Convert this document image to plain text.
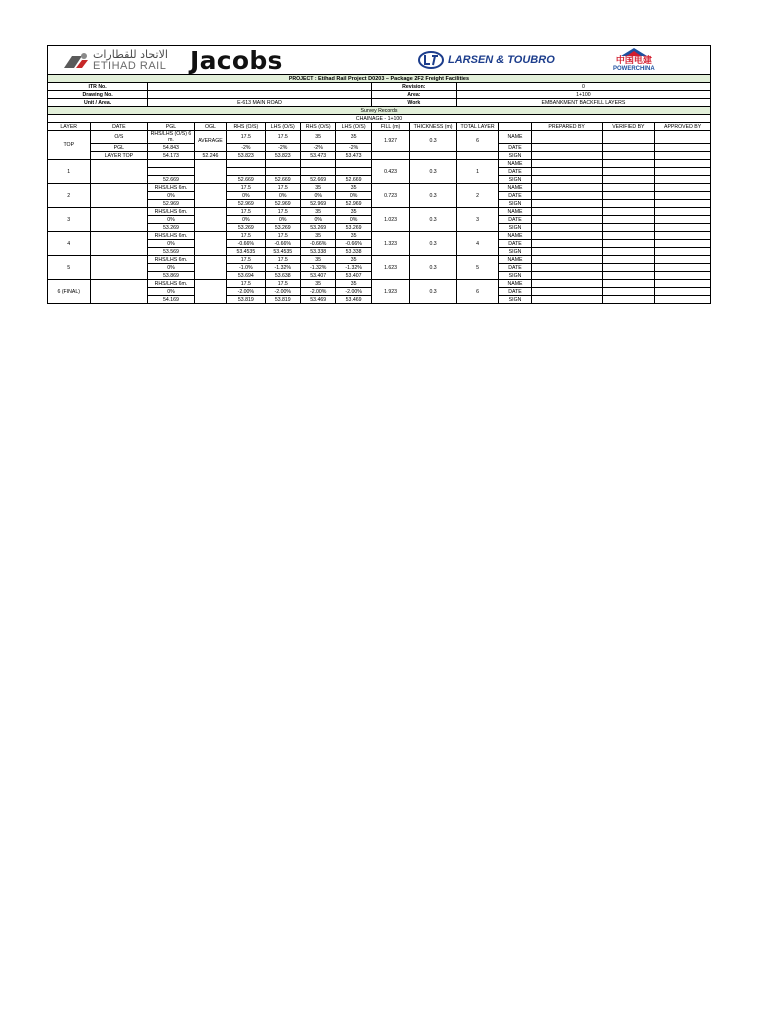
الاتحاد للقطارات
ETIHAD RAIL Jacobs	LARSEN & TOUBRO	中国电建
POWERCHINA
PROJECT : Etihad Rail Project D0203 – Package 2F2 Freight Facilities														
ITR No.								Revision:		0				
Drawing No.								Area:		1+100				
Unit / Area.		E-613 MAIN ROAD						Work		EMBANKMENT BACKFILL LAYERS				
Survey Records														
CHAINAGE - 1+100														
LAYER	DATE	PGL	OGL	RHS (O/S)	LHS (O/S)	RHS (O/S)	LHS (O/S)	FILL (m)	THICKNESS (m)	TOTAL LAYER		PREPARED BY	VERIFIED BY	APPROVED BY
TOP	O/S	RHS/LHS (O/S) 6 m.	AVERAGE	17.5	17.5	35	35	1.927	0.3	6	NAME			
	PGL	54.843		-2%	-2%	-2%	-2%				DATE			
	LAYER TOP	54.173	52.246	53.823	53.823	53.473	53.473				SIGN			
1								0.423	0.3	1	NAME			
											DATE			
		52.669		52.669	52.669	52.669	52.669				SIGN			
2		RHS/LHS 6m.		17.5	17.5	35	35	0.723	0.3	2	NAME			
		0%		0%	0%	0%	0%				DATE			
		52.969		52.969	52.969	52.969	52.969				SIGN			
3		RHS/LHS 6m.		17.5	17.5	35	35	1.023	0.3	3	NAME			
		0%		0%	0%	0%	0%				DATE			
		53.269		53.269	53.269	53.269	53.269				SIGN			
4		RHS/LHS 6m.		17.5	17.5	35	35	1.323	0.3	4	NAME			
		0%		-0.66%	-0.66%	-0.66%	-0.66%				DATE			
		53.569		53.4535	53.4535	53.338	53.338				SIGN			
5		RHS/LHS 6m.		17.5	17.5	35	35	1.623	0.3	5	NAME			
		0%		-1.0%	-1.32%	-1.32%	-1.32%				DATE			
		53.869		53.694	53.638	53.407	53.407				SIGN			
6 (FINAL)		RHS/LHS 6m.		17.5	17.5	35	35	1.923	0.3	6	NAME			
		0%		-2.00%	-2.00%	-2.00%	-2.00%				DATE			
		54.169		53.819	53.819	53.469	53.469				SIGN			
